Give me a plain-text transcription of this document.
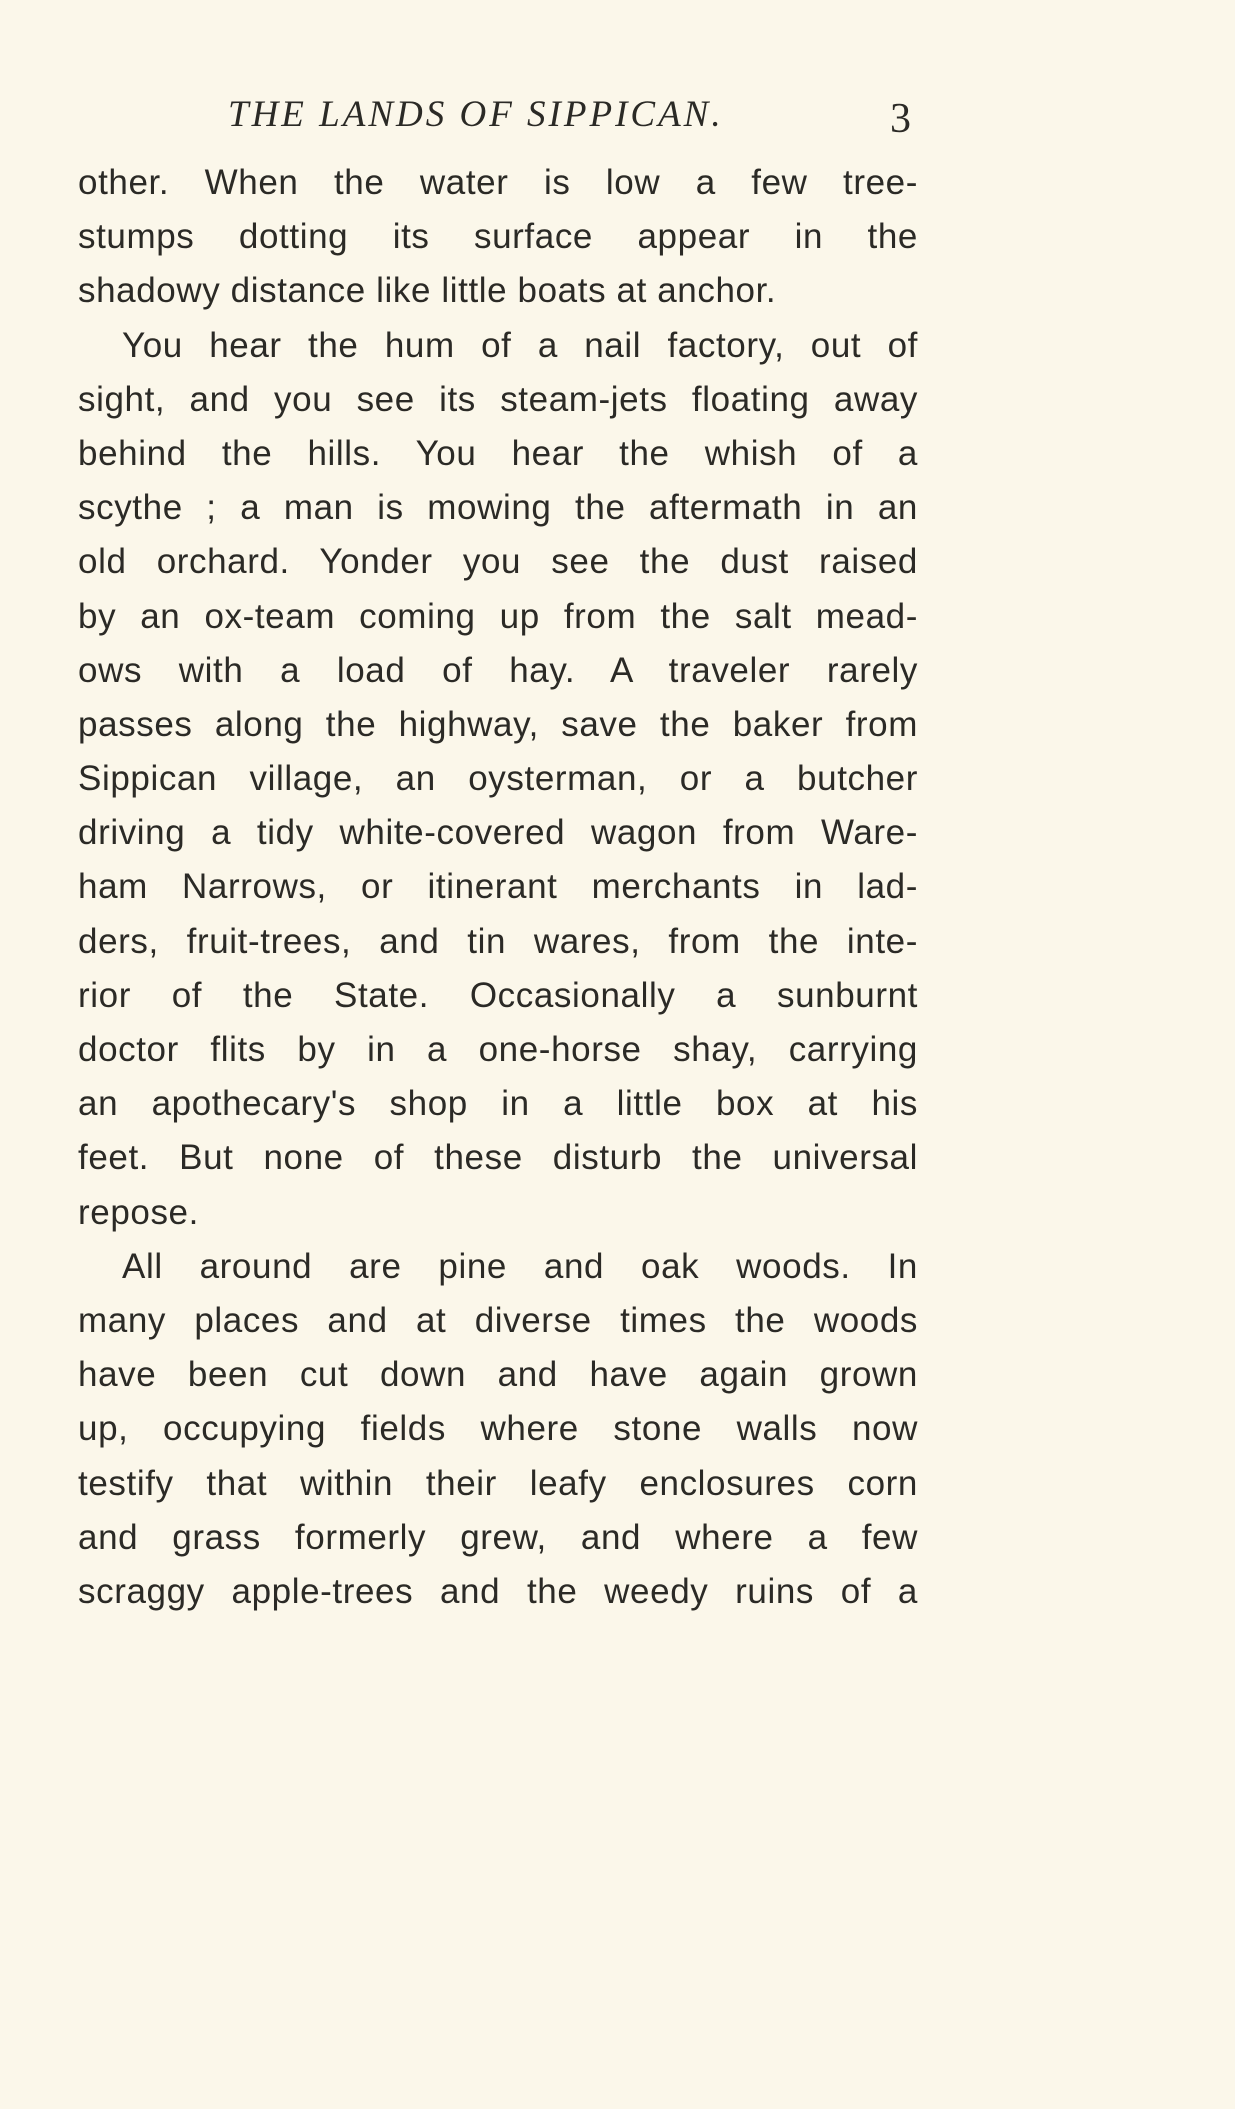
THE LANDS OF SIPPICAN.	3
other. When the water is low a few tree-
stumps dotting its surface appear in the
shadowy distance like little boats at anchor.
You hear the hum of a nail factory, out of
sight, and you see its steam-jets floating away
behind the hills. You hear the whish of a
scythe ; a man is mowing the aftermath in an
old orchard. Yonder you see the dust raised
by an ox-team coming up from the salt mead-
ows with a load of hay. A traveler rarely
passes along the highway, save the baker from
Sippican village, an oysterman, or a butcher
driving a tidy white-covered wagon from Ware-
ham Narrows, or itinerant merchants in lad-
ders, fruit-trees, and tin wares, from the inte-
rior of the State. Occasionally a sunburnt
doctor flits by in a one-horse shay, carrying
an apothecary's shop in a little box at his
feet. But none of these disturb the universal
repose.
All around are pine and oak woods. In
many places and at diverse times the woods
have been cut down and have again grown
up, occupying fields where stone walls now
testify that within their leafy enclosures corn
and grass formerly grew, and where a few
scraggy apple-trees and the weedy ruins of a
